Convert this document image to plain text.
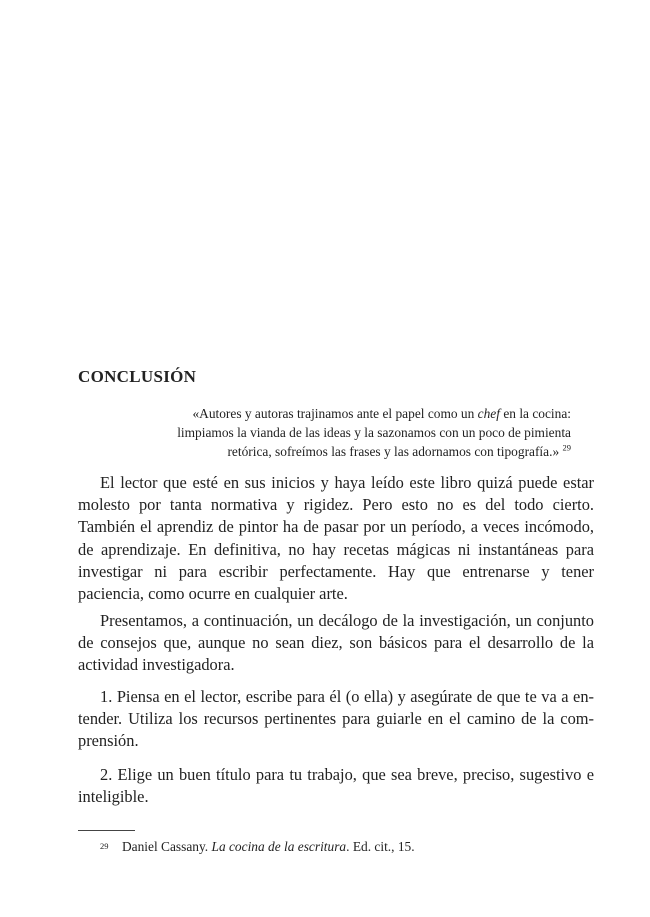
CONCLUSIÓN

«Autores y autoras trajinamos ante el papel como un chef en la cocina: limpiamos la vianda de las ideas y la sazonamos con un poco de pimienta retórica, sofreímos las frases y las adornamos con tipografía.» $^{29}$

El lector que esté en sus inicios y haya leído este libro quizá puede estar molesto por tanta normativa y rigidez. Pero esto no es del todo cierto. También el aprendiz de pintor ha de pasar por un período, a veces incómodo, de aprendizaje. En definitiva, no hay recetas mágicas ni instantáneas para investigar ni para escribir perfectamente. Hay que entrenarse y tener paciencia, como ocurre en cualquier arte.

Presentamos, a continuación, un decálogo de la investigación, un conjunto de consejos que, aunque no sean diez, son básicos para el desarrollo de la actividad investigadora.

1. Piensa en el lector, escribe para él (o ella) y asegúrate de que te va a entender. Utiliza los recursos pertinentes para guiarle en el camino de la comprensión.

2. Elige un buen título para tu trabajo, que sea breve, preciso, sugestivo e inteligible.

29 Daniel Cassany. La cocina de la escritura. Ed. cit., 15.
